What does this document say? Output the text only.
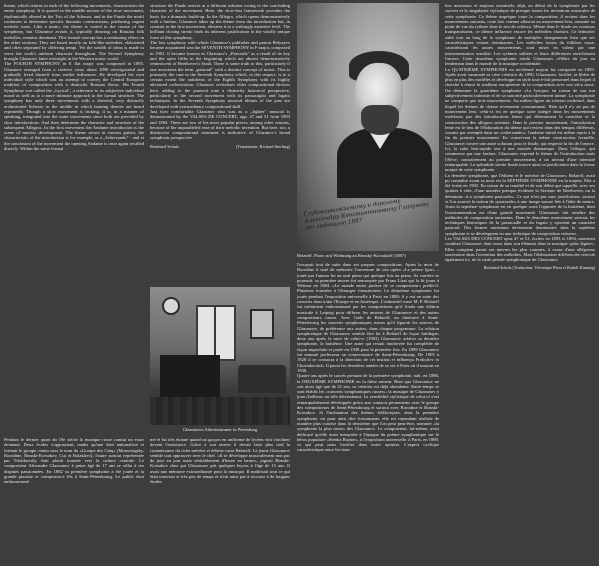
theme, which returns in each of the following movements, characterizes the entire symphony. It is quoted in the middle section of the slow movement, rhythmically altered in the Trio of the Scherzo, and in the Finale the motif continues to determine specific thematic constructions, producing cogent melodic turns. Like a motto, the theme is varied in the course of the symphony, but Glazunov avoids it, typically drawing on Russian folk melodies, remains dominant. This formal concept has a continuing effect on the other sections. They are based mostly on folk-like melodies, elaborated and often separated by differing tempi. Yet the wealth of ideas is made to serve the work's uniform character throughout. The Second Symphony brought Glazunov fame overnight in the Western music world.

The FOURTH SYMPHONY in E flat major was composed in 1893. Glazunov emerged from a creative crisis about 1890 reinvigorated and gradually freed himself from earlier influences. He developed his own individual style which was an attempt to convey the Central European tradition of composition with a distinctly Russian flavor. His Fourth Symphony was called the „Lyrical", a reference to its subjective individual mood as well as to a more intimate approach to the formal structure. The symphony has only three movements with a cheerful, very distinctly orchestrated Scherzo in the middle in which hunting themes are heard repeatedly. Though a slow movement is lacking, it is, in a manner of speaking, integrated into the outer movements since both are preceded by slow introductions. And then determine the character and structure of the subsequent Allegros. In the first movement the Andante introduction is the scene of motivic development. The theme recurs in various guises; the characteristic of the introduction is for example, as a „Scherzando" - and at the conclusion of the movement the opening Andante is once again recalled directly. Within the same formal

structure the Finale arrives at a different solution owing to the concluding character of the movement. Here, the slow-fast framework provides the basis for a dramatic build-up. In the Allegro, which opens demonstratively with a fanfare, Glazunov takes up the theme from the introduction but, in contrast to the first movement, elevates it to a strikingly assertive level. The brilliant closing stretto finds its inherent justification in the wholly unique form of this symphony.

The last symphony with which Glazunov's publisher and patron Belyayev became acquainted was the SEVENTH SYMPHONY in F major, composed in 1902. It became known as Glazunov's „Pastorale" as a result of its key and the open fifths in the beginning which are almost demonstratively reminiscent of Beethoven's Sixth. There is some truth to this, particularly if one associates the term „pastoral" with a distinct concept of music. This is primarily the case in the Seventh Symphony which, in this respect, is to a certain extent the antithesis of the Eighth Symphony with its highly advanced orchestration. Glazunov revitalizes older compositional devices here, adding to the pastoral tone a distinctly historical perspective, particularly in the second movement with its passacaglia and fugato techniques. In the Seventh Symphony musical idioms of the past are developed with extraordinary compositional skill.

Just how comfortable Glazunov also was as a „lighter" musical is demonstrated by the VALSES DE CONCERT, opp. 47 and 51 from 1893 and 1894. These are two of his most popular pieces, among other reasons, because of the unparalleled ease of their melodic invention. But here, too, a distinctive compositional treatment is indicative of Glazunov's broad symphonic perspective.

Reinhard Schulz	(Translation: Richard Sterling)
Глубокоуважаемому и дорогому Александру Константиновичу Глазунову от любящего 1887
Belaieff. Photo mit Widmung an Rimsky-Korsakoff (1887)
Glazunows Arbeitszimmer in Petersburg

lins nouveaux et majeurs essentiels, déjà, au début de la symphonie par les cuivres et la singularité stylistique de presque toutes les inventions musicales de cette symphonie. Ce thème imprègne toute la composition; il revient dans les mouvements suivants, cette fois comme allusion au mouvement lent, remanié au point de vue du rythme dans le trio du scherzo. Même dans le finale ses contours transparaissent, ce thème influence encore les mélodies choisies. Ce leitmotiv subit tout au long de la symphonie de multiples changements bien que ses caractéristiques restent dominantes. Les mélodies issues du folklore russe, caractérisant les autres mouvements, sont mises en valeur par une instrumentation sensible. Les rythmes utilisés et leurs différences enrichissent l'œuvre. Cette deuxième symphonie rendit Glazounov célèbre du jour au lendemain dans le monde de la musique occidentale.

La QUATRIÈME SYMPHONIE en mi-bémol majeur fut composée en 1893. Après avoir surmonté sa crise créatrice de 1890, Glazounov, fortifié, se libère de plus en plus des modèles et développe un style tout-à-fait personnel dans lequel il cherche à réunir la tradition européenne de la composition avec son vécu russe. On dénomme la quatrième symphonie «La lyrique» en raison de son ton subjectivement intimiste et de sa sonorité particulièrement intime. La symphonie ne comporte que trois mouvements. Au milieu figure un scherzo orchestré, dans lequel les thèmes de chasse reviennent constamment. Bien qu'il n'y ait pas de mouvement lent, celui-ci est en quelque sorte intégré dans les mouvements extérieurs par des introductions lentes qui déterminent le caractère et la construction des allegros suivants. Dans le premier mouvement, l'introduction lente est le lieu de l'élaboration du thème qui revient dans des tempos différents, comme par exemple dans un «scherzando»; l'andante initial est même repris à la fin du premier mouvement. En conservant la même construction formelle, Glazounov trouve une autre solution pour le finale, qui respecte la fin de l'œuvre. Ici, la suite lent-rapide sert à une montée dramatique. Dans l'allegro, qui commence par une fanfare, Glazounov reprend le thème de l'introduction mais l'élève, contrairement au premier mouvement, à un niveau d'une intensité remarquable. La splendide strette finale trouve ainsi sa justification dans la forme unique de cette symphonie.

La dernière symphonie, que l'éditeur et le mécène de Glazounov, Belaieff, avait pu connaître avant sa mort est la SEPTIÈME SYMPHONIE en fa majeur. Elle a été écrite en 1902. En raison de sa tonalité et de son début qui rappelle, avec ses quintes à vide, d'une manière presque évidente la Sixième de Beethoven, on la dénomme «La symphonie pastorale». Ce qui n'est pas sans justification, surtout si l'on associe la notion de «pastorale» à une image sonore liée à l'idée de nature. Ainsi la septième symphonie est en quelque sorte l'opposée de la huitième, dont l'instrumentation est d'une grande nouveauté. Glazounov fait renaître des méthodes de composition anciennes. Dans le deuxième mouvement surtout, les techniques historiques de la passacaille et du fugato y ajoutent un caractère pastoral. Des formes anciennes deviennent dominantes dans la septième symphonie et se développent en une technique de composition virtuose.

Les VALSES DES CONCERT opus 47 et 51, écrites en 1893 et 1894, montrent combien Glazounov était aussi dans son élément dans la musique «plus légère». Elles comptent parmi ses œuvres les plus connues, à cause d'une allégresse souveraine dans l'invention des mélodies. Mais l'élaboration différenciée renvoie également ici, de la vaste pensée symphonique de Glazounov.

Reinhard Schulz (Traduction: Véronique Pitou et Rudolf Kimmig)

Pendant le dernier quart du 19e siècle la musique russe connut un essor étonnant. Deux écoles s'opposaient, tandis qu'une était nationaliste et formait le groupe connu sous le nom du «Groupe des Cinq» (Moussorgsky, Borodine, Rimski-Korsakov, Cui et Balakirev), l'autre surtout représentée par Tchaïkovsky était plutôt tournée vers la culture centrale. Le compositeur Alexandre Glazounov à peine âgé de 17 ans se rallia à ces disputes passionnées. En 1882 sa première symphonie a été jouée et la grande pianiste et compositrice fils à Saint-Pétersbourg. Le public était enthousiasmé

mé et fut très étonné quand un garçon en uniforme de lycéen vint s'incliner devant l'assistance. Grâce à son œuvre il devait faire plus tard la connaissance du riche mécène et éditeur russe Belaieff. Le jeune Glazounov semble tout approuver avec le chef. «Il se développe musicalement non pas de jour en jour mais véritablement d'heure en heure», jugeait Rimski-Korsakov chez qui Glazounov prit quelques leçons à l'âge de 15 ans. Il avait une mémoire extraordinaire pour la musique. Il maîtrisait tout ce qui était nouveau et très peu de temps et n'eut ainsi pas à recourir à de longues études

l'essayait tout de suite dans ses propres compositions. Après la mort de Borodine il noté de mémoire l'ouverture de son opéra «Le prince Igor» – jouée par l'auteur lui au seul piano qui quelque fois au piano. Sa carrière se poursuit: sa première œuvre fut remarquée par Franz Liszt qui la fit jouer à Weimar en 1884. «Le monde entier parlera de ce compositeur» prédit-il. Plusieurs tournées à l'étranger s'ensuivirent. La deuxième symphonie fut jouée pendant l'exposition universelle à Paris en 1889; il y eut en suite des concerts dans toute l'Europe et en Amérique. L'industriel russe M. P. Belaieff fut infiniment enthousiasmé par les compositions qu'il fonda une édition musicale à Leipzig pour diffuser les œuvres de Glazounov et des autres compositeurs russes. Avec l'aide de Belaieff, un itinéraire à Saint-Pétersbourg les concerts symphoniques russes qu'il figurait les œuvres de Glazounov, de préférence aux autres, dans chaque programme. La relation symphonique de Glazounov semble être lui à Belaieff de façon fatidique; deux ans après la mort de celui-ci (1903) Glazounov achève sa dernière symphonie, la huitième. Une autre qui restait inachevée fut complétée de façon imparfaite et jouée en 1948 pour la première fois. En 1899 Glazounov fut nommé professeur au conservatoire de Saint-Pétersbourg. De 1905 à 1928 il se consacra à la direction de cet institut et influença Prokofiev et Chostakovitch. Il passa les dernières années de sa vie à Paris où il mourut en 1936.

Quatre ans après le succès prestant de la première symphonie, naît, en 1886, la DEUXIÈME SYMPHONIE en fa dièse mineur. Bien que Glazounov ne soit alors âgé que de 21 ans, sa création est déjà abondante. Entre-temps se sont établis les «concerts symphoniques russes»; la musique de Glazounov y joua d'ailleurs un rôle déterminant. La sensibilité stylistique de celui-ci s'est remarquablement développée grâce aux contacts permanents avec le groupe des compositeurs de Saint-Pétersbourg et surtout avec Borodine et Rimski-Korsakov. Si l'inclination des thèmes folkloriques, dans la première symphonie, est pour ainsi dire foisonnante, elle est cependant réalisée de manière plus concise dans la deuxième que l'on peut peut-être, nommer «la symphonie la plus russe» des Glazounov. Le compositeur, lui-même, avait dédicacé qu'elle avait interprété à l'époque du poème symphonique sur le héros populaire «Stenka Razine», à l'exposition universelle, à Paris, en 1889, ce qui peut nous fortifier dans notre opinion. L'aspect cyclique caractéristique entre les tona-
